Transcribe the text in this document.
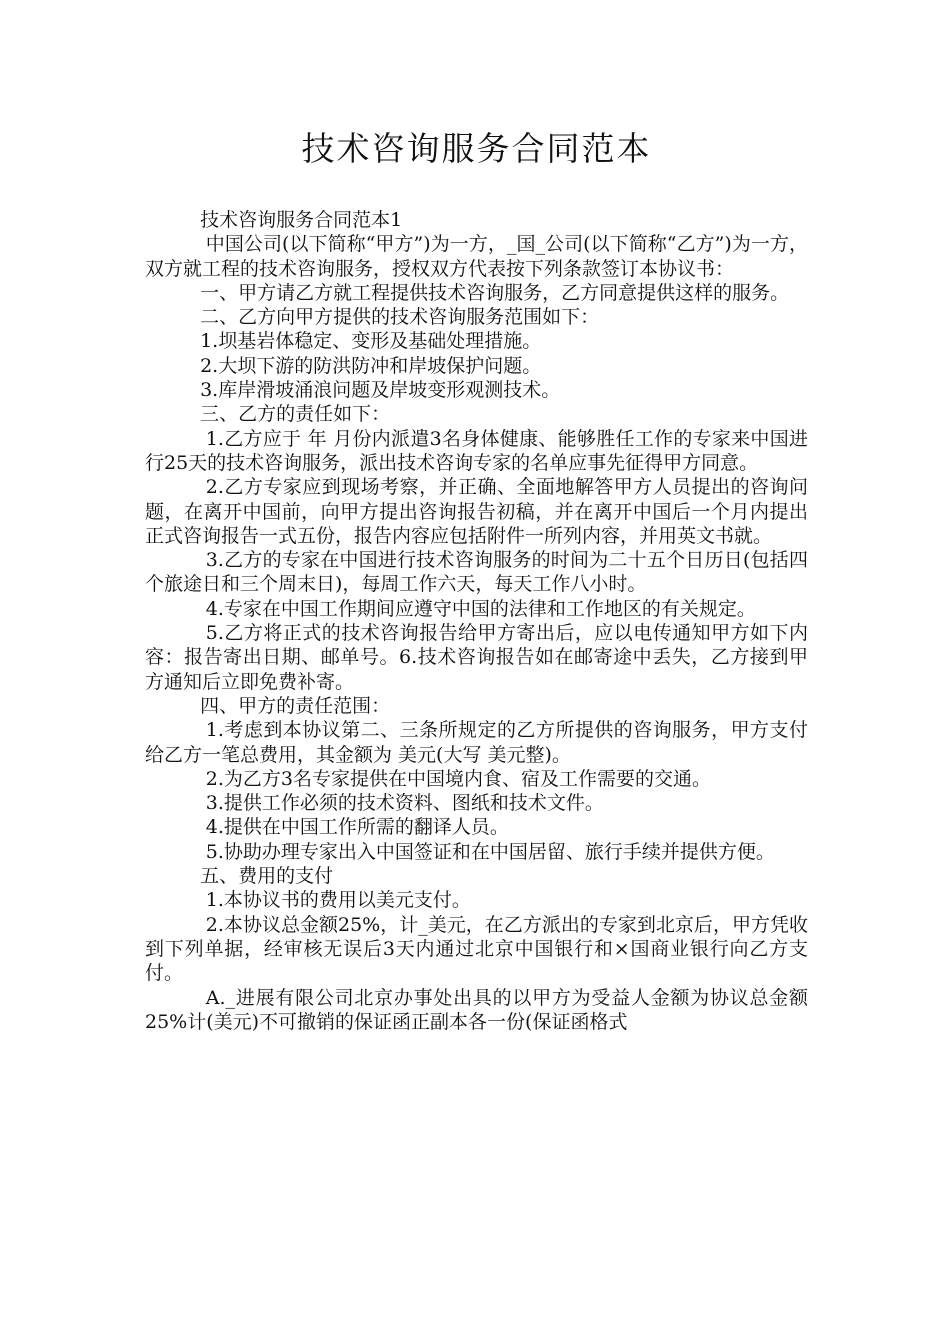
技术咨询服务合同范本

技术咨询服务合同范本1

中国公司(以下简称“甲方”)为一方，_国_公司(以下简称“乙方”)为一方，双方就工程的技术咨询服务，授权双方代表按下列条款签订本协议书：

一、甲方请乙方就工程提供技术咨询服务，乙方同意提供这样的服务。

二、乙方向甲方提供的技术咨询服务范围如下：

1.坝基岩体稳定、变形及基础处理措施。

2.大坝下游的防洪防冲和岸坡保护问题。

3.库岸滑坡涌浪问题及岸坡变形观测技术。

三、乙方的责任如下：

1.乙方应于 年 月份内派遣3名身体健康、能够胜任工作的专家来中国进行25天的技术咨询服务，派出技术咨询专家的名单应事先征得甲方同意。

2.乙方专家应到现场考察，并正确、全面地解答甲方人员提出的咨询问题，在离开中国前，向甲方提出咨询报告初稿，并在离开中国后一个月内提出正式咨询报告一式五份，报告内容应包括附件一所列内容，并用英文书就。

3.乙方的专家在中国进行技术咨询服务的时间为二十五个日历日(包括四个旅途日和三个周末日)，每周工作六天，每天工作八小时。

4.专家在中国工作期间应遵守中国的法律和工作地区的有关规定。

5.乙方将正式的技术咨询报告给甲方寄出后，应以电传通知甲方如下内容：报告寄出日期、邮单号。6.技术咨询报告如在邮寄途中丢失，乙方接到甲方通知后立即免费补寄。

四、甲方的责任范围：

1.考虑到本协议第二、三条所规定的乙方所提供的咨询服务，甲方支付给乙方一笔总费用，其金额为 美元(大写 美元整)。

2.为乙方3名专家提供在中国境内食、宿及工作需要的交通。

3.提供工作必须的技术资料、图纸和技术文件。

4.提供在中国工作所需的翻译人员。

5.协助办理专家出入中国签证和在中国居留、旅行手续并提供方便。

五、费用的支付

1.本协议书的费用以美元支付。

2.本协议总金额25%，计_美元，在乙方派出的专家到北京后，甲方凭收到下列单据，经审核无误后3天内通过北京中国银行和×国商业银行向乙方支付。

A._进展有限公司北京办事处出具的以甲方为受益人金额为协议总金额25%计(美元)不可撤销的保证函正副本各一份(保证函格式
